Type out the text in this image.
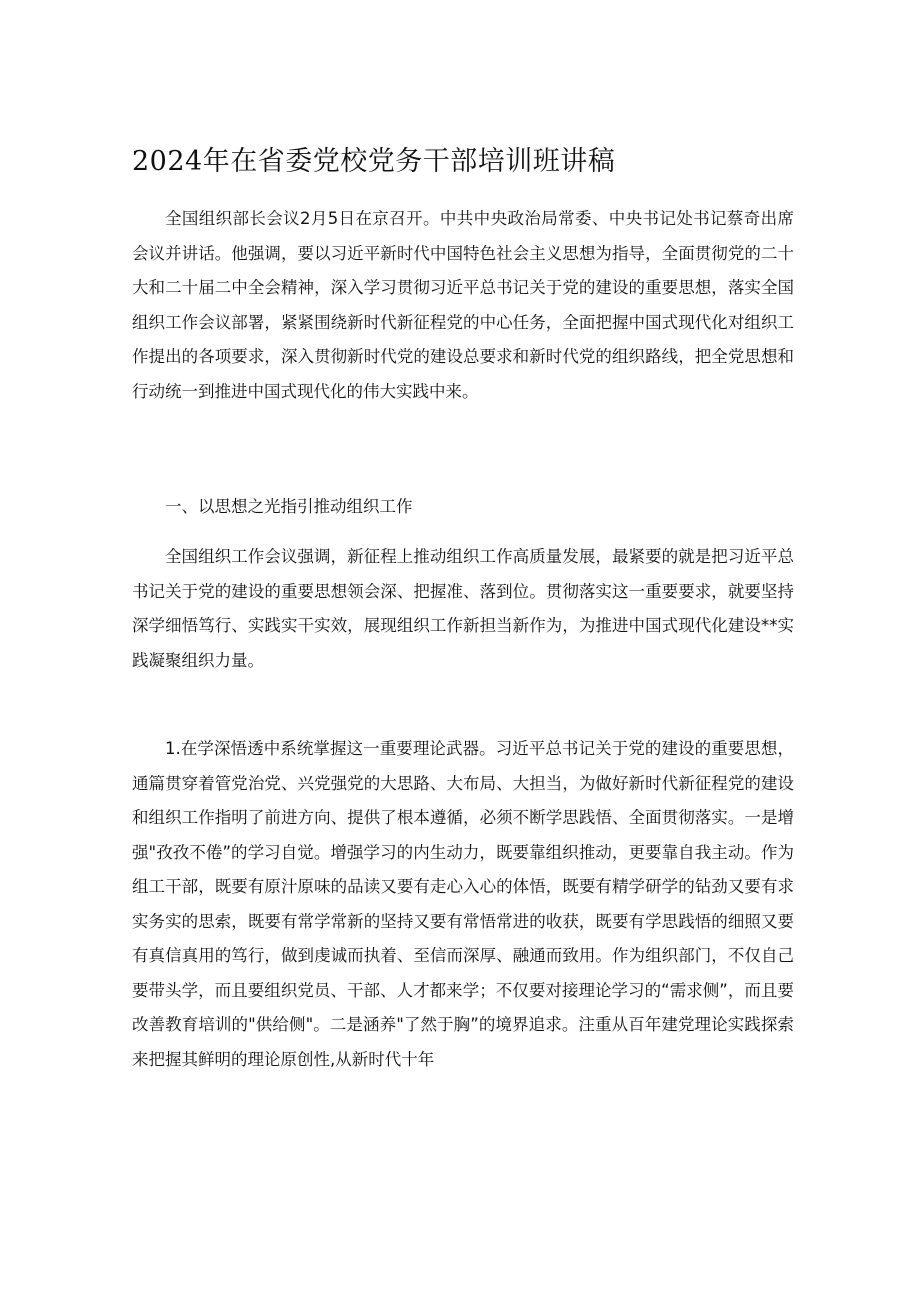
2024年在省委党校党务干部培训班讲稿

全国组织部长会议2月5日在京召开。中共中央政治局常委、中央书记处书记蔡奇出席会议并讲话。他强调，要以习近平新时代中国特色社会主义思想为指导，全面贯彻党的二十大和二十届二中全会精神，深入学习贯彻习近平总书记关于党的建设的重要思想，落实全国组织工作会议部署，紧紧围绕新时代新征程党的中心任务，全面把握中国式现代化对组织工作提出的各项要求，深入贯彻新时代党的建设总要求和新时代党的组织路线，把全党思想和行动统一到推进中国式现代化的伟大实践中来。

一、以思想之光指引推动组织工作

全国组织工作会议强调，新征程上推动组织工作高质量发展，最紧要的就是把习近平总书记关于党的建设的重要思想领会深、把握准、落到位。贯彻落实这一重要要求，就要坚持深学细悟笃行、实践实干实效，展现组织工作新担当新作为，为推进中国式现代化建设**实践凝聚组织力量。

1.在学深悟透中系统掌握这一重要理论武器。习近平总书记关于党的建设的重要思想，通篇贯穿着管党治党、兴党强党的大思路、大布局、大担当，为做好新时代新征程党的建设和组织工作指明了前进方向、提供了根本遵循，必须不断学思践悟、全面贯彻落实。一是增强"孜孜不倦”的学习自觉。增强学习的内生动力，既要靠组织推动，更要靠自我主动。作为组工干部，既要有原汁原味的品读又要有走心入心的体悟，既要有精学研学的钻劲又要有求实务实的思索，既要有常学常新的坚持又要有常悟常进的收获，既要有学思践悟的细照又要有真信真用的笃行，做到虔诚而执着、至信而深厚、融通而致用。作为组织部门，不仅自己要带头学，而且要组织党员、干部、人才都来学；不仅要对接理论学习的“需求侧”，而且要改善教育培训的"供给侧"。二是涵养"了然于胸”的境界追求。注重从百年建党理论实践探索来把握其鲜明的理论原创性,从新时代十年
